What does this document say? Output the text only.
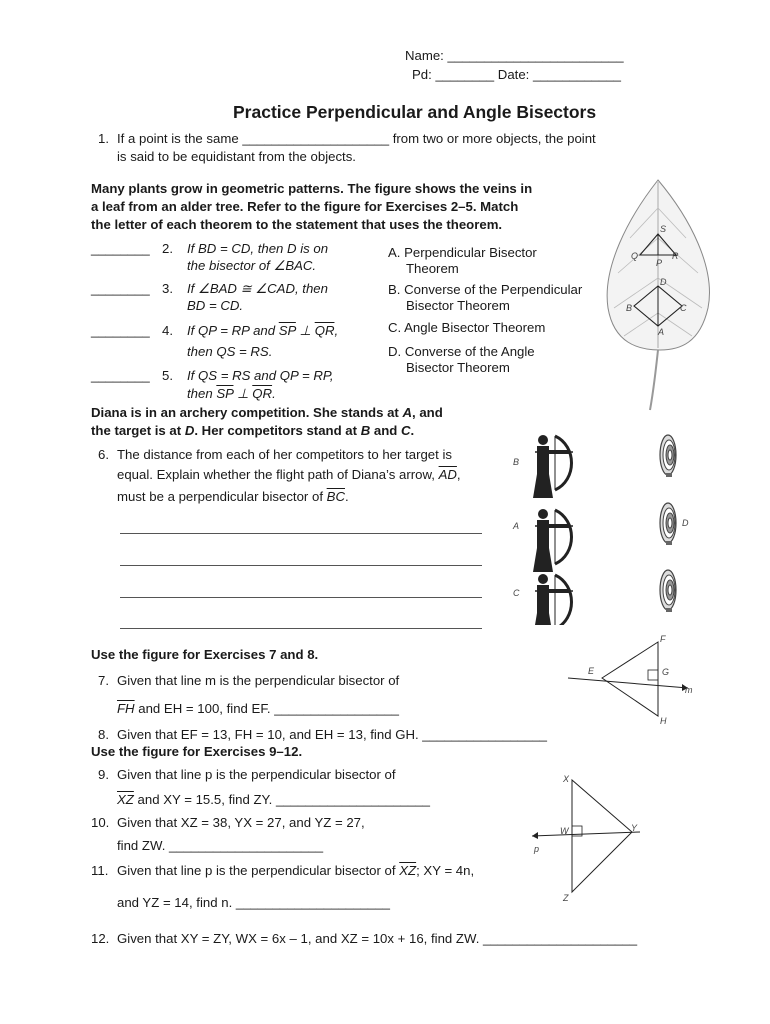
Name: ________________________
Pd: ________ Date: ____________
Practice Perpendicular and Angle Bisectors
1. If a point is the same ____________________ from two or more objects, the point
is said to be equidistant from the objects.
Many plants grow in geometric patterns. The figure shows the veins in
a leaf from an alder tree. Refer to the figure for Exercises 2–5. Match
the letter of each theorem to the statement that uses the theorem.
________ 2. If BD = CD, then D is on
the bisector of ∠BAC.
________ 3. If ∠BAD ≅ ∠CAD, then
BD = CD.
________ 4. If QP = RP and $\overline{SP}$ ⊥ $\overline{QR}$,
then QS = RS.
________ 5. If QS = RS and QP = RP,
then $\overline{SP}$ ⊥ $\overline{QR}$.
A. Perpendicular Bisector
Theorem
B. Converse of the Perpendicular
Bisector Theorem
C. Angle Bisector Theorem
D. Converse of the Angle
Bisector Theorem
S
Q
P
R
D
B	C
A
Diana is in an archery competition. She stands at A, and
the target is at D. Her competitors stand at B and C.
6. The distance from each of her competitors to her target is
equal. Explain whether the flight path of Diana’s arrow, $\overline{AD}$,
must be a perpendicular bisector of $\overline{BC}$.
B
A
C
D
Use the figure for Exercises 7 and 8.
7. Given that line m is the perpendicular bisector of
$\overline{FH}$ and EH = 100, find EF. _________________
8. Given that EF = 13, FH = 10, and EH = 13, find GH. _________________
F
E	G
m
H
Use the figure for Exercises 9–12.
9. Given that line p is the perpendicular bisector of
$\overline{XZ}$ and XY = 15.5, find ZY. _____________________
10. Given that XZ = 38, YX = 27, and YZ = 27,
find ZW. _____________________
11. Given that line p is the perpendicular bisector of $\overline{XZ}$; XY = 4n,
and YZ = 14, find n. _____________________
12. Given that XY = ZY, WX = 6x – 1, and XZ = 10x + 16, find ZW. _____________________
X
W	Y
p
Z
